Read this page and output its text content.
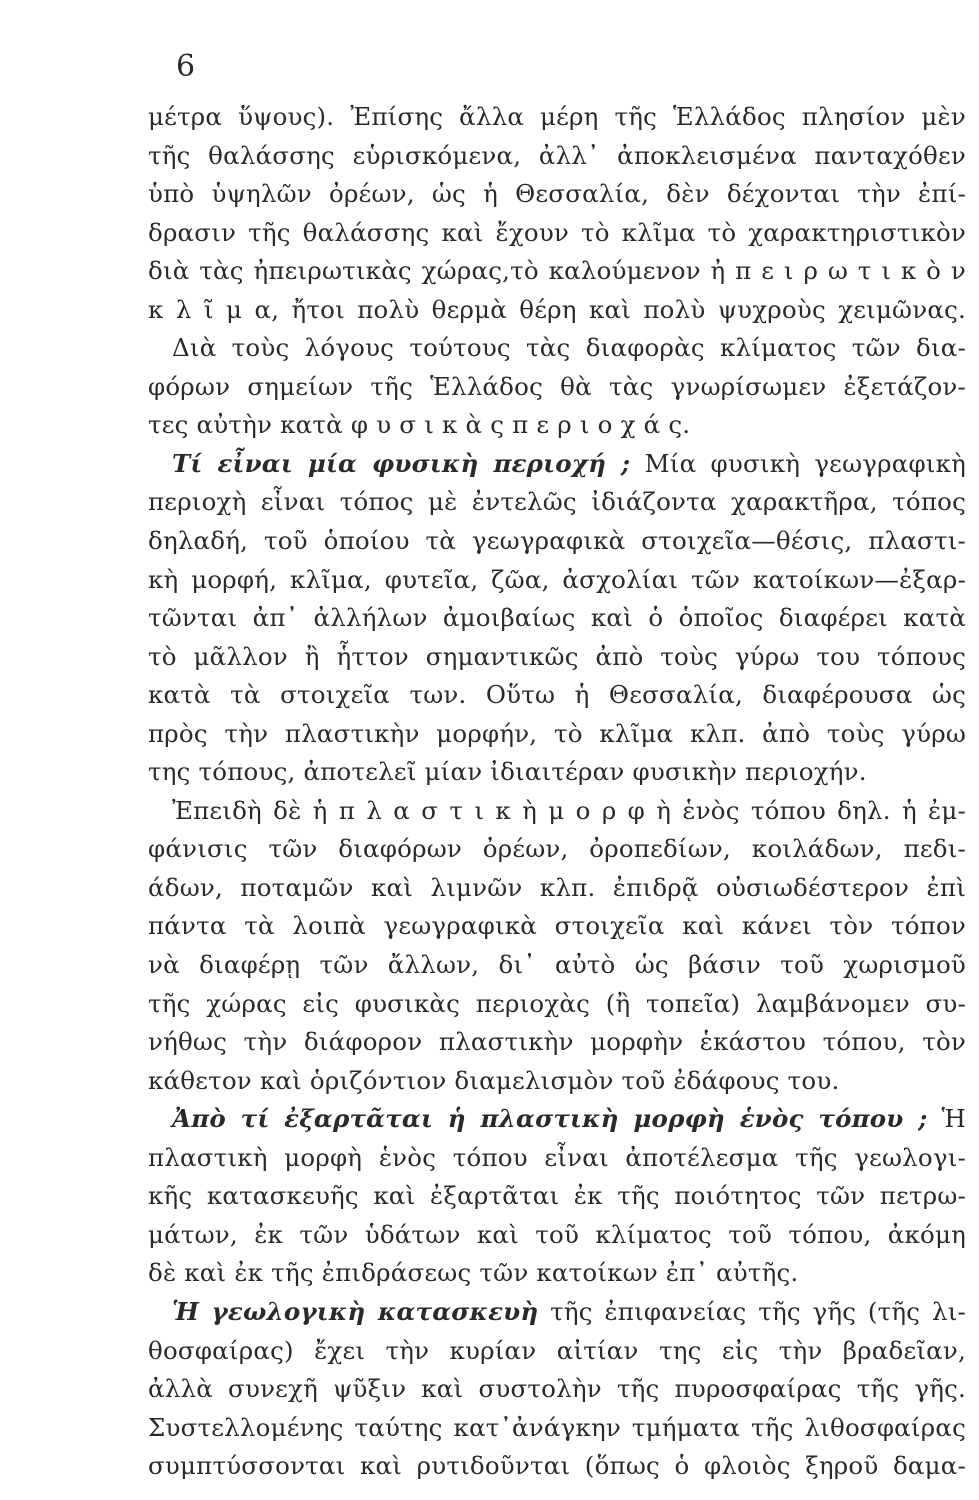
6
μέτρα ὕψους). Ἐπίσης ἄλλα μέρη τῆς Ἑλλάδος πλησίον μὲν
τῆς θαλάσσης εὑρισκόμενα, ἀλλ᾽ ἀποκλεισμένα πανταχόθεν
ὑπὸ ὑψηλῶν ὀρέων, ὡς ἡ Θεσσαλία, δὲν δέχονται τὴν ἐπί-
δρασιν τῆς θαλάσσης καὶ ἔχουν τὸ κλῖμα τὸ χαρακτηριστικὸν
διὰ τὰς ἠπειρωτικὰς χώρας,τὸ καλούμενον ἠ π ε ι ρ ω τ ι κ ὸ ν
κ λ ῖ μ α, ἤτοι πολὺ θερμὰ θέρη καὶ πολὺ ψυχροὺς χειμῶνας.
Διὰ τοὺς λόγους τούτους τὰς διαφορὰς κλίματος τῶν δια-
φόρων σημείων τῆς Ἑλλάδος θὰ τὰς γνωρίσωμεν ἐξετάζον-
τες αὐτὴν κατὰ φ υ σ ι κ ὰ ς π ε ρ ι ο χ ά ς.
Τί εἶναι μία φυσικὴ περιοχή ; Μία φυσικὴ γεωγραφικὴ
περιοχὴ εἶναι τόπος μὲ ἐντελῶς ἰδιάζοντα χαρακτῆρα, τόπος
δηλαδή, τοῦ ὁποίου τὰ γεωγραφικὰ στοιχεῖα—θέσις, πλαστι-
κὴ μορφή, κλῖμα, φυτεῖα, ζῶα, ἀσχολίαι τῶν κατοίκων—ἐξαρ-
τῶνται ἀπ᾽ ἀλλήλων ἀμοιβαίως καὶ ὁ ὁποῖος διαφέρει κατὰ
τὸ μᾶλλον ἢ ἧττον σημαντικῶς ἀπὸ τοὺς γύρω του τόπους
κατὰ τὰ στοιχεῖα των. Οὕτω ἡ Θεσσαλία, διαφέρουσα ὡς
πρὸς τὴν πλαστικὴν μορφήν, τὸ κλῖμα κλπ. ἀπὸ τοὺς γύρω
της τόπους, ἀποτελεῖ μίαν ἰδιαιτέραν φυσικὴν περιοχήν.
Ἐπειδὴ δὲ ἡ π λ α σ τ ι κ ὴ μ ο ρ φ ὴ ἑνὸς τόπου δηλ. ἡ ἐμ-
φάνισις τῶν διαφόρων ὀρέων, ὀροπεδίων, κοιλάδων, πεδι-
άδων, ποταμῶν καὶ λιμνῶν κλπ. ἐπιδρᾷ οὐσιωδέστερον ἐπὶ
πάντα τὰ λοιπὰ γεωγραφικὰ στοιχεῖα καὶ κάνει τὸν τόπον
νὰ διαφέρῃ τῶν ἄλλων, δι᾽ αὐτὸ ὡς βάσιν τοῦ χωρισμοῦ
τῆς χώρας εἰς φυσικὰς περιοχὰς (ἢ τοπεῖα) λαμβάνομεν συ-
νήθως τὴν διάφορον πλαστικὴν μορφὴν ἑκάστου τόπου, τὸν
κάθετον καὶ ὁριζόντιον διαμελισμὸν τοῦ ἐδάφους του.
Ἀπὸ τί ἐξαρτᾶται ἡ πλαστικὴ μορφὴ ἑνὸς τόπου ; Ἡ
πλαστικὴ μορφὴ ἑνὸς τόπου εἶναι ἀποτέλεσμα τῆς γεωλογι-
κῆς κατασκευῆς καὶ ἐξαρτᾶται ἐκ τῆς ποιότητος τῶν πετρω-
μάτων, ἐκ τῶν ὑδάτων καὶ τοῦ κλίματος τοῦ τόπου, ἀκόμη
δὲ καὶ ἐκ τῆς ἐπιδράσεως τῶν κατοίκων ἐπ᾽ αὐτῆς.
Ἡ γεωλογικὴ κατασκευὴ τῆς ἐπιφανείας τῆς γῆς (τῆς λι-
θοσφαίρας) ἔχει τὴν κυρίαν αἰτίαν της εἰς τὴν βραδεῖαν,
ἀλλὰ συνεχῆ ψῦξιν καὶ συστολὴν τῆς πυροσφαίρας τῆς γῆς.
Συστελλομένης ταύτης κατ᾽ἀνάγκην τμήματα τῆς λιθοσφαίρας
συμπτύσσονται καὶ ρυτιδοῦνται (ὅπως ὁ φλοιὸς ξηροῦ δαμα-
